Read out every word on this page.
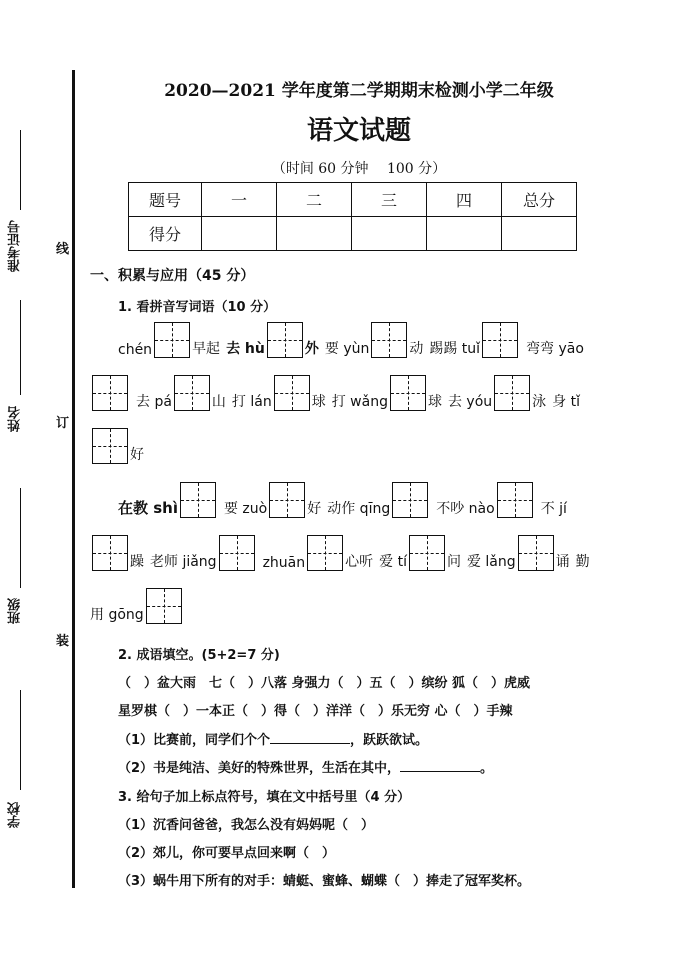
准考证号
姓名
班级
学校
线
订
装
2020—2021 学年度第二学期期末检测小学二年级
语文试题
（时间 60 分钟　 100 分）
题号	一	二	三	四	总分
得分					
一、积累与应用（45 分）
1. 看拼音写词语（10 分）
chén	早起 去 hù	外 要 yùn	动 踢踢 tuǐ	弯弯 yāo
去 pá	山 打 lán	球 打 wǎng	球 去 yóu	泳 身 tǐ
好
在教 shì	要 zuò	好 动作 qīng	不吵 nào	不 jí
躁 老师 jiǎng	zhuān	心听 爱 tí	问 爱 lǎng	诵 勤
用 gōng
2. 成语填空。(5+2=7 分)
（　）盆大雨　七（　）八落 身强力（　）五（　）缤纷 狐（　）虎威
星罗棋（　）一本正（　）得（　）洋洋（　）乐无穷 心（　）手辣
（1）比赛前，同学们个个	，跃跃欲试。
（2）书是纯洁、美好的特殊世界，生活在其中，	。
3. 给句子加上标点符号，填在文中括号里（4 分）
（1）沉香问爸爸，我怎么没有妈妈呢（　）
（2）郊儿，你可要早点回来啊（　）
（3）蜗牛用下所有的对手：蜻蜓、蜜蜂、蝴蝶（　）捧走了冠军奖杯。
